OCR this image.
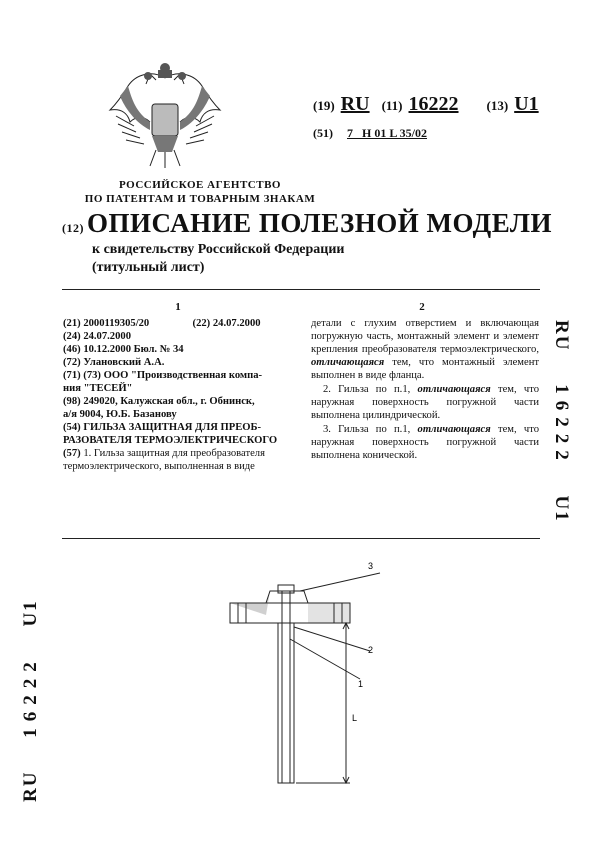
(19) RU (11) 16222 (13) U1
(51) 7   H 01 L 35/02
РОССИЙСКОЕ АГЕНТСТВО
ПО ПАТЕНТАМ И ТОВАРНЫМ ЗНАКАМ
(12) ОПИСАНИЕ ПОЛЕЗНОЙ МОДЕЛИ
к свидетельству Российской Федерации
(титульный лист)
1	2
(21) 2000119305/20	(22) 24.07.2000
(24) 24.07.2000
(46) 10.12.2000 Бюл. № 34
(72) Улановский А.А.
(71) (73) ООО "Производственная компа-
ния "ТЕСЕЙ"
(98) 249020, Калужская обл., г. Обнинск,
а/я 9004, Ю.Б. Базанову
(54) ГИЛЬЗА ЗАЩИТНАЯ ДЛЯ ПРЕОБ-
РАЗОВАТЕЛЯ ТЕРМОЭЛЕКТРИЧЕСКОГО
(57) 1. Гильза защитная для преобразователя
термоэлектрического, выполненная в виде

детали с глухим отверстием и включающая погружную часть, монтажный элемент и элемент крепления преобразователя термоэлектрического, отличающаяся тем, что монтажный элемент выполнен в виде фланца.

2. Гильза по п.1, отличающаяся тем, что наружная поверхность погружной части выполнена цилиндрической.

3. Гильза по п.1, отличающаяся тем, что наружная поверхность погружной части выполнена конической.

RU 16222 U1
RU 16222 U1
3
2
1
L
